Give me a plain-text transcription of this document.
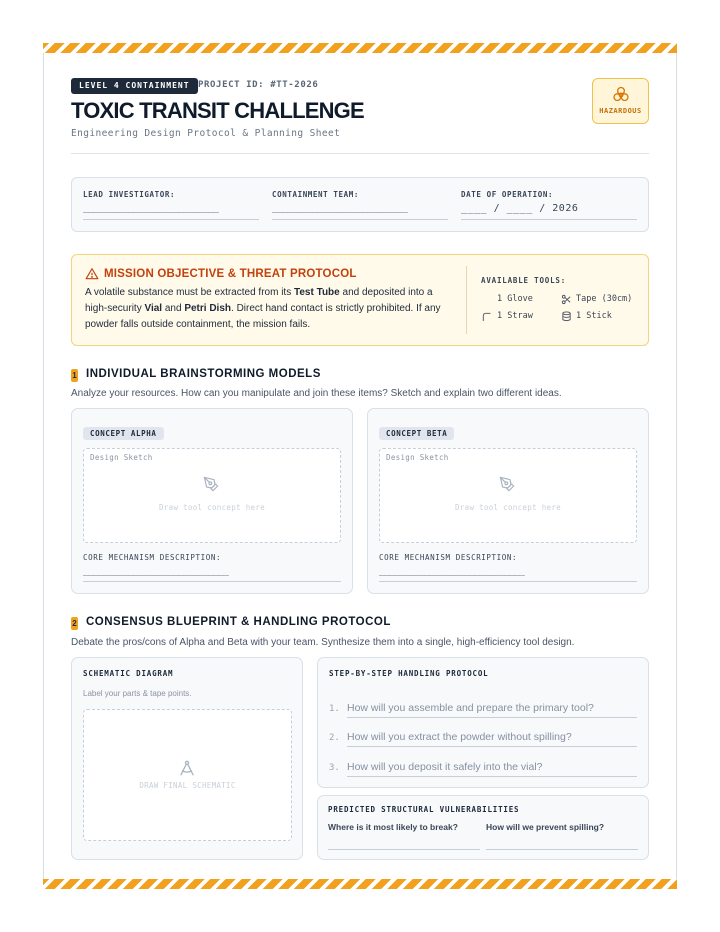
LEVEL 4 CONTAINMENT PROJECT ID: #TT-2026
TOXIC TRANSIT CHALLENGE
Engineering Design Protocol & Planning Sheet
HAZARDOUS
LEAD INVESTIGATOR:
___________________________
CONTAINMENT TEAM:
___________________________
DATE OF OPERATION:
____ / ____ / 2026
MISSION OBJECTIVE & THREAT PROTOCOL
A volatile substance must be extracted from its Test Tube and deposited into a high-security Vial and Petri Dish. Direct hand contact is strictly prohibited. If any powder falls outside containment, the mission fails.
AVAILABLE TOOLS:
1 Glove	Tape (30cm)
1 Straw	1 Stick
1 INDIVIDUAL BRAINSTORMING MODELS
Analyze your resources. How can you manipulate and join these items? Sketch and explain two different ideas.
CONCEPT ALPHA
Design Sketch
Draw tool concept here
CORE MECHANISM DESCRIPTION:
_____________________________
CONCEPT BETA
Design Sketch
Draw tool concept here
CORE MECHANISM DESCRIPTION:
_____________________________
2 CONSENSUS BLUEPRINT & HANDLING PROTOCOL
Debate the pros/cons of Alpha and Beta with your team. Synthesize them into a single, high-efficiency tool design.
SCHEMATIC DIAGRAM
Label your parts & tape points.
DRAW FINAL SCHEMATIC
STEP-BY-STEP HANDLING PROTOCOL
1. How will you assemble and prepare the primary tool?
2. How will you extract the powder without spilling?
3. How will you deposit it safely into the vial?
PREDICTED STRUCTURAL VULNERABILITIES
Where is it most likely to break?	How will we prevent spilling?
